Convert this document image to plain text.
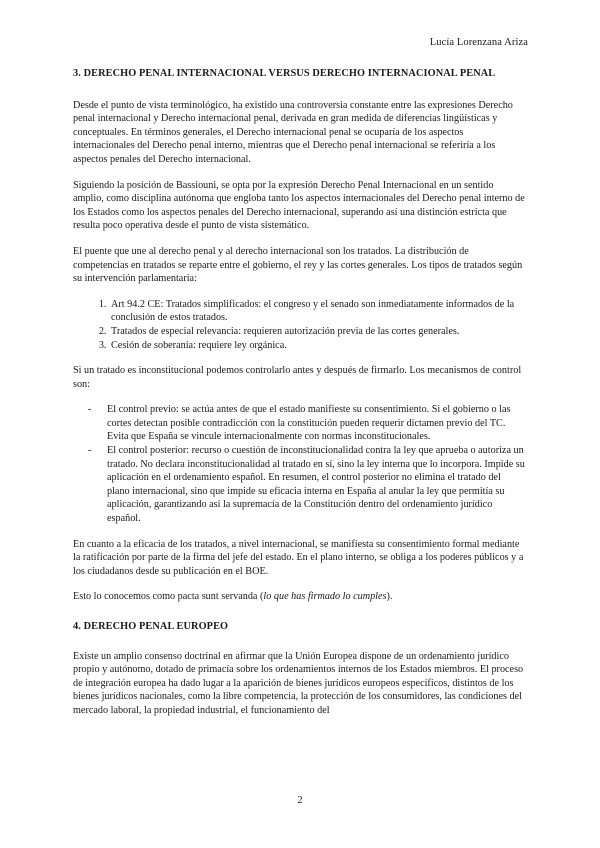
Lucía Lorenzana Ariza
3. DERECHO PENAL INTERNACIONAL VERSUS DERECHO INTERNACIONAL PENAL

Desde el punto de vista terminológico, ha existido una controversia constante entre las expresiones Derecho penal internacional y Derecho internacional penal, derivada en gran medida de diferencias lingüísticas y conceptuales. En términos generales, el Derecho internacional penal se ocuparía de los aspectos internacionales del Derecho penal interno, mientras que el Derecho penal internacional se referiría a los aspectos penales del Derecho internacional.

Siguiendo la posición de Bassiouni, se opta por la expresión Derecho Penal Internacional en un sentido amplio, como disciplina autónoma que engloba tanto los aspectos internacionales del Derecho penal interno de los Estados como los aspectos penales del Derecho internacional, superando así una distinción estricta que resulta poco operativa desde el punto de vista sistemático.

El puente que une al derecho penal y al derecho internacional son los tratados. La distribución de competencias en tratados se reparte entre el gobierno, el rey y las cortes generales. Los tipos de tratados según su intervención parlamentaria:

1. Art 94.2 CE: Tratados simplificados: el congreso y el senado son inmediatamente informados de la conclusión de estos tratados.
2. Tratados de especial relevancia: requieren autorización previa de las cortes generales.
3. Cesión de soberanía: requiere ley orgánica.

Si un tratado es inconstitucional podemos controlarlo antes y después de firmarlo. Los mecanismos de control son:

- El control previo: se actúa antes de que el estado manifieste su consentimiento. Si el gobierno o las cortes detectan posible contradicción con la constitución pueden requerir dictamen previo del TC. Evita que España se vincule internacionalmente con normas inconstitucionales.
- El control posterior: recurso o cuestión de inconstitucionalidad contra la ley que aprueba o autoriza un tratado. No declara inconstitucionalidad al tratado en sí, sino la ley interna que lo incorpora. Impide su aplicación en el ordenamiento español. En resumen, el control posterior no elimina el tratado del plano internacional, sino que impide su eficacia interna en España al anular la ley que permitía su aplicación, garantizando así la supremacía de la Constitución dentro del ordenamiento jurídico español.

En cuanto a la eficacia de los tratados, a nivel internacional, se manifiesta su consentimiento formal mediante la ratificación por parte de la firma del jefe del estado. En el plano interno, se obliga a los poderes públicos y a los ciudadanos desde su publicación en el BOE.

Esto lo conocemos como pacta sunt servanda (lo que has firmado lo cumples).

4. DERECHO PENAL EUROPEO

Existe un amplio consenso doctrinal en afirmar que la Unión Europea dispone de un ordenamiento jurídico propio y autónomo, dotado de primacía sobre los ordenamientos internos de los Estados miembros. El proceso de integración europea ha dado lugar a la aparición de bienes jurídicos europeos específicos, distintos de los bienes jurídicos nacionales, como la libre competencia, la protección de los consumidores, las condiciones del mercado laboral, la propiedad industrial, el funcionamiento del

2
